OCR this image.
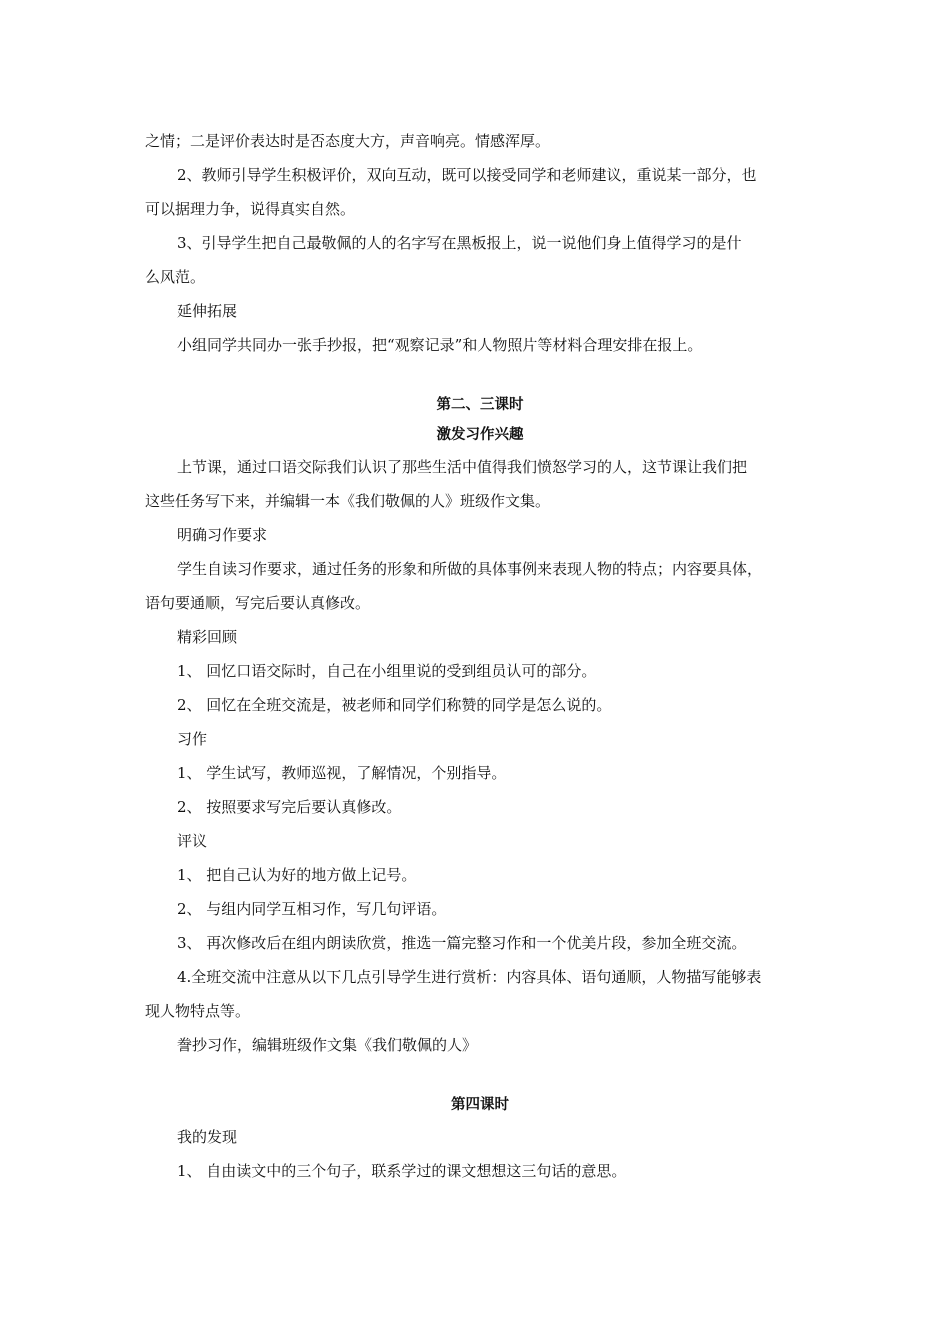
之情；二是评价表达时是否态度大方，声音响亮。情感浑厚。

2、教师引导学生积极评价，双向互动，既可以接受同学和老师建议，重说某一部分，也

可以据理力争，说得真实自然。

3、引导学生把自己最敬佩的人的名字写在黑板报上，说一说他们身上值得学习的是什

么风范。

延伸拓展

小组同学共同办一张手抄报，把“观察记录”和人物照片等材料合理安排在报上。

第二、三课时

激发习作兴趣

上节课，通过口语交际我们认识了那些生活中值得我们愤怒学习的人，这节课让我们把

这些任务写下来，并编辑一本《我们敬佩的人》班级作文集。

明确习作要求

学生自读习作要求，通过任务的形象和所做的具体事例来表现人物的特点；内容要具体，

语句要通顺，写完后要认真修改。

精彩回顾

1、 回忆口语交际时，自己在小组里说的受到组员认可的部分。

2、 回忆在全班交流是，被老师和同学们称赞的同学是怎么说的。

习作

1、 学生试写，教师巡视，了解情况，个别指导。

2、 按照要求写完后要认真修改。

评议

1、 把自己认为好的地方做上记号。

2、 与组内同学互相习作，写几句评语。

3、 再次修改后在组内朗读欣赏，推选一篇完整习作和一个优美片段，参加全班交流。

4.全班交流中注意从以下几点引导学生进行赏析：内容具体、语句通顺，人物描写能够表

现人物特点等。

誊抄习作，编辑班级作文集《我们敬佩的人》

第四课时

我的发现

1、 自由读文中的三个句子，联系学过的课文想想这三句话的意思。
